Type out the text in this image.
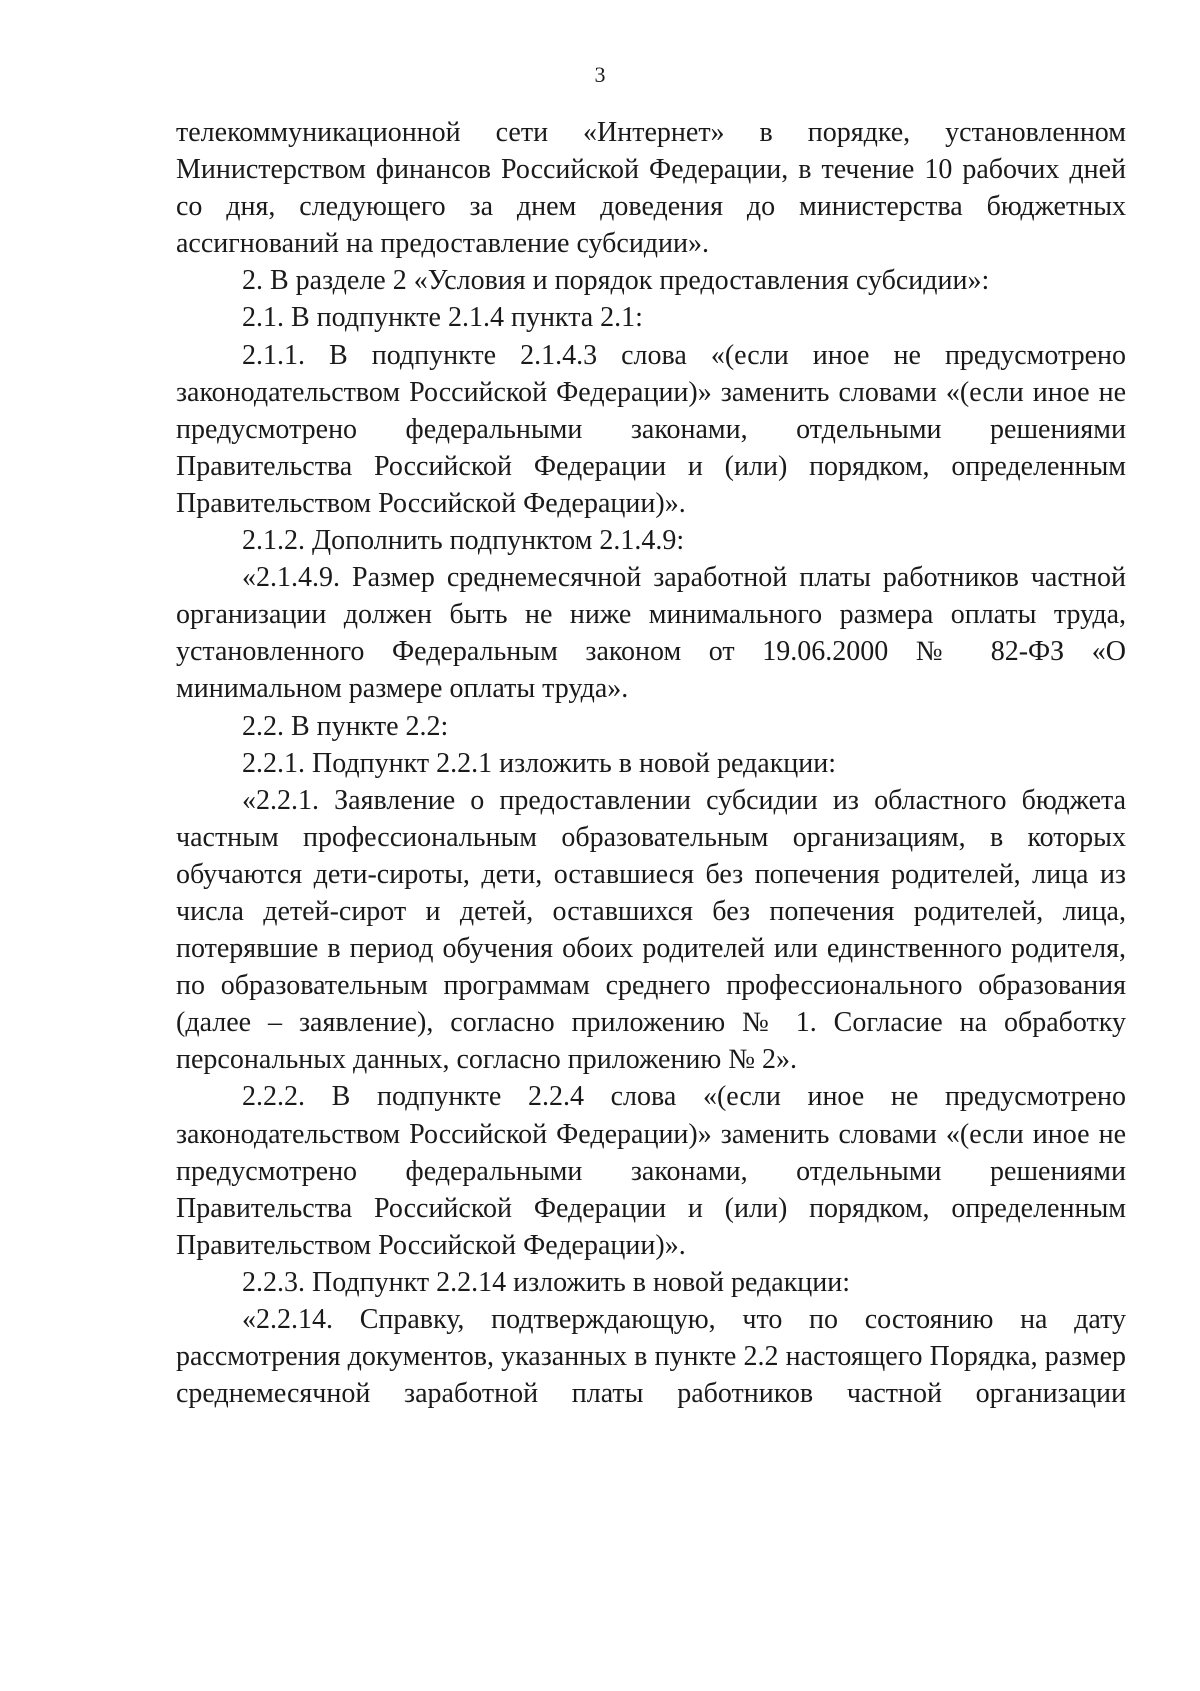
3

телекоммуникационной сети «Интернет» в порядке, установленном Министерством финансов Российской Федерации, в течение 10 рабочих дней со дня, следующего за днем доведения до министерства бюджетных ассигнований на предоставление субсидии».

2. В разделе 2 «Условия и порядок предоставления субсидии»:

2.1. В подпункте 2.1.4 пункта 2.1:

2.1.1. В подпункте 2.1.4.3 слова «(если иное не предусмотрено законодательством Российской Федерации)» заменить словами «(если иное не предусмотрено федеральными законами, отдельными решениями Правительства Российской Федерации и (или) порядком, определенным Правительством Российской Федерации)».

2.1.2. Дополнить подпунктом 2.1.4.9:

«2.1.4.9. Размер среднемесячной заработной платы работников частной организации должен быть не ниже минимального размера оплаты труда, установленного Федеральным законом от 19.06.2000 № 82-ФЗ «О минимальном размере оплаты труда».

2.2. В пункте 2.2:

2.2.1. Подпункт 2.2.1 изложить в новой редакции:

«2.2.1. Заявление о предоставлении субсидии из областного бюджета частным профессиональным образовательным организациям, в которых обучаются дети-сироты, дети, оставшиеся без попечения родителей, лица из числа детей-сирот и детей, оставшихся без попечения родителей, лица, потерявшие в период обучения обоих родителей или единственного родителя, по образовательным программам среднего профессионального образования (далее – заявление), согласно приложению № 1. Согласие на обработку персональных данных, согласно приложению № 2».

2.2.2. В подпункте 2.2.4 слова «(если иное не предусмотрено законодательством Российской Федерации)» заменить словами «(если иное не предусмотрено федеральными законами, отдельными решениями Правительства Российской Федерации и (или) порядком, определенным Правительством Российской Федерации)».

2.2.3. Подпункт 2.2.14 изложить в новой редакции:

«2.2.14. Справку, подтверждающую, что по состоянию на дату рассмотрения документов, указанных в пункте 2.2 настоящего Порядка, размер среднемесячной заработной платы работников частной организации
